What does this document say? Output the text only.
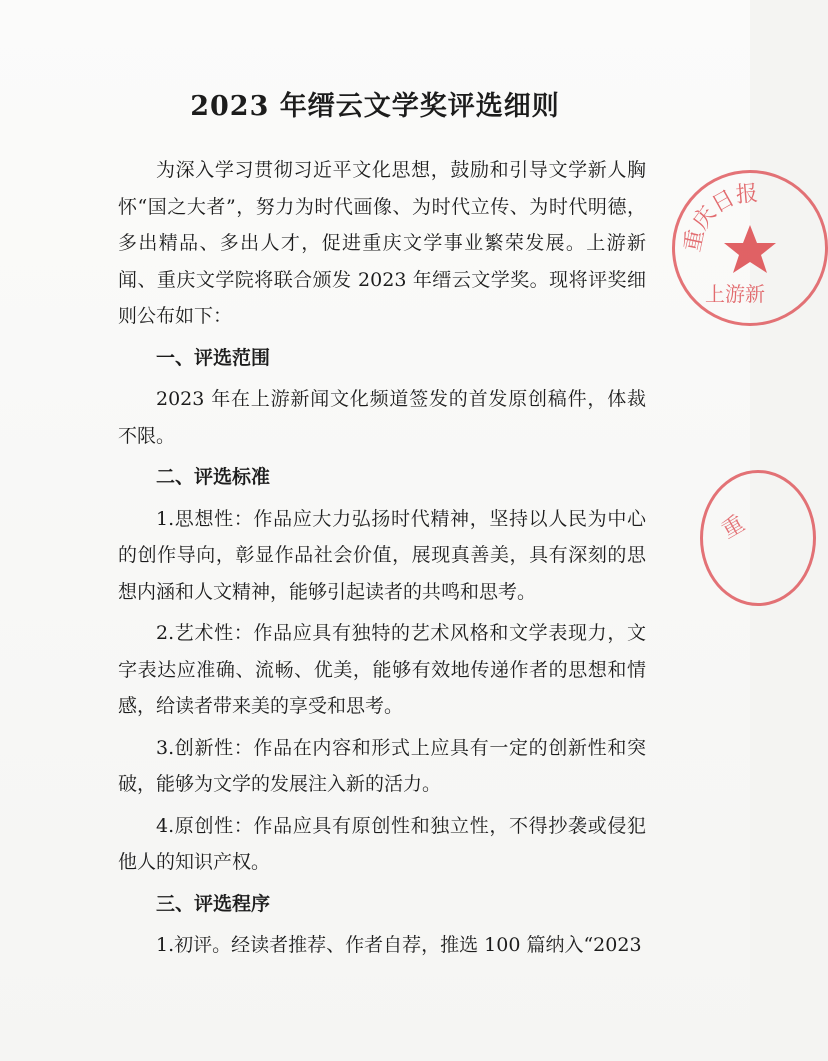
2023 年缙云文学奖评选细则

为深入学习贯彻习近平文化思想，鼓励和引导文学新人胸怀“国之大者”，努力为时代画像、为时代立传、为时代明德，多出精品、多出人才，促进重庆文学事业繁荣发展。上游新闻、重庆文学院将联合颁发 2023 年缙云文学奖。现将评奖细则公布如下：

一、评选范围

2023 年在上游新闻文化频道签发的首发原创稿件，体裁不限。

二、评选标准

1.思想性：作品应大力弘扬时代精神，坚持以人民为中心的创作导向，彰显作品社会价值，展现真善美，具有深刻的思想内涵和人文精神，能够引起读者的共鸣和思考。

2.艺术性：作品应具有独特的艺术风格和文学表现力，文字表达应准确、流畅、优美，能够有效地传递作者的思想和情感，给读者带来美的享受和思考。

3.创新性：作品在内容和形式上应具有一定的创新性和突破，能够为文学的发展注入新的活力。

4.原创性：作品应具有原创性和独立性，不得抄袭或侵犯他人的知识产权。

三、评选程序

1.初评。经读者推荐、作者自荐，推选 100 篇纳入“2023

重庆日报
上游新
重
